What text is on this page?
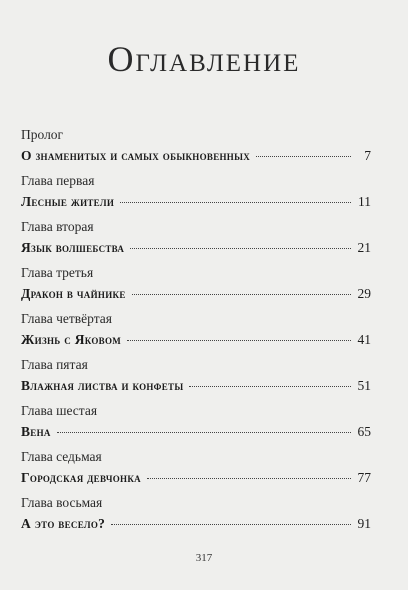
Оглавление
Пролог
О знаменитых и самых обыкновенных	7
Глава первая
Лесные жители	11
Глава вторая
Язык волшебства	21
Глава третья
Дракон в чайнике	29
Глава четвёртая
Жизнь с Яковом	41
Глава пятая
Влажная листва и конфеты	51
Глава шестая
Вена	65
Глава седьмая
Городская девчонка	77
Глава восьмая
А это весело?	91
317
